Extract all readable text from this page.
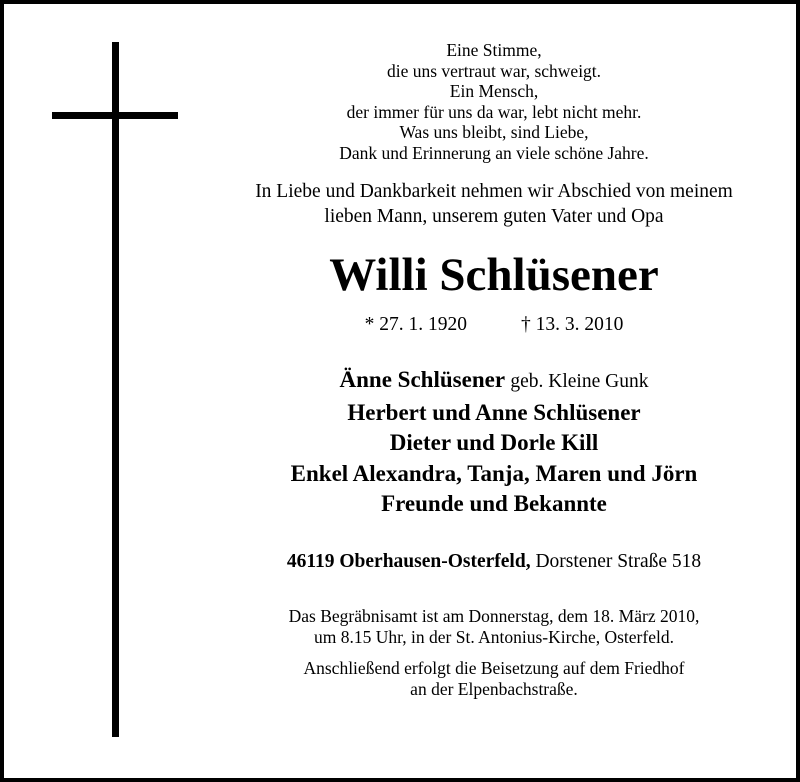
Eine Stimme,
die uns vertraut war, schweigt.
Ein Mensch,
der immer für uns da war, lebt nicht mehr.
Was uns bleibt, sind Liebe,
Dank und Erinnerung an viele schöne Jahre.
In Liebe und Dankbarkeit nehmen wir Abschied von meinem
lieben Mann, unserem guten Vater und Opa
Willi Schlüsener
* 27. 1. 1920	† 13. 3. 2010
Änne Schlüsener geb. Kleine Gunk
Herbert und Anne Schlüsener
Dieter und Dorle Kill
Enkel Alexandra, Tanja, Maren und Jörn
Freunde und Bekannte
46119 Oberhausen-Osterfeld, Dorstener Straße 518
Das Begräbnisamt ist am Donnerstag, dem 18. März 2010,
um 8.15 Uhr, in der St. Antonius-Kirche, Osterfeld.
Anschließend erfolgt die Beisetzung auf dem Friedhof
an der Elpenbachstraße.
